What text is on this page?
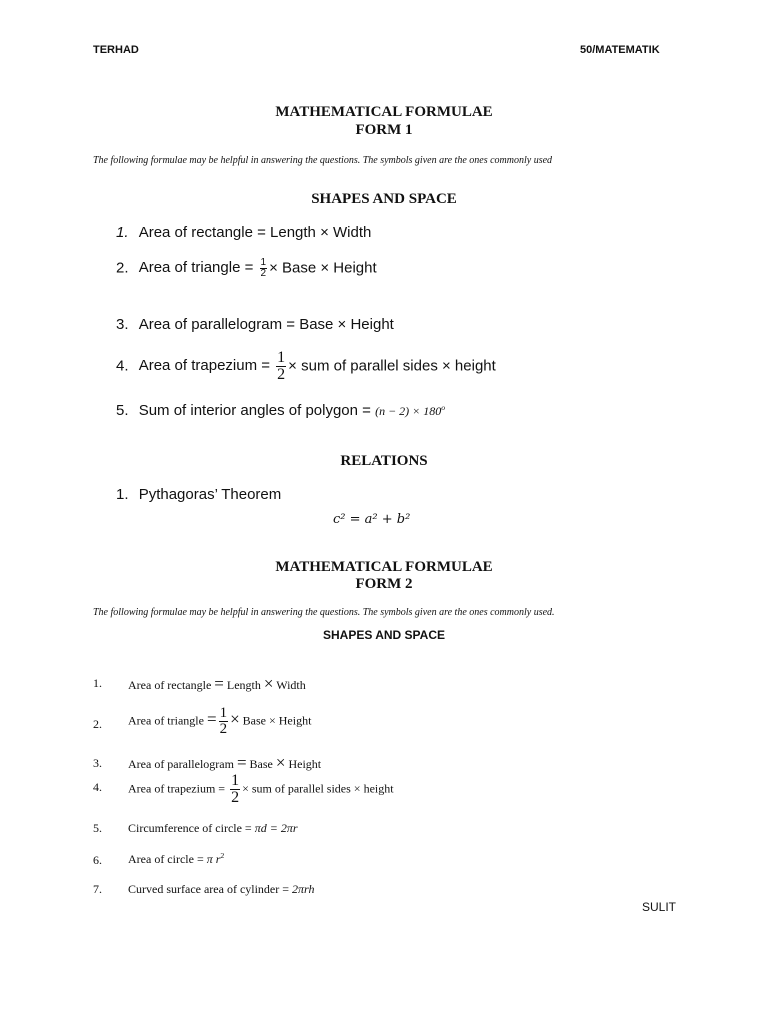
TERHAD	50/MATEMATIK
MATHEMATICAL FORMULAE
FORM 1
The following formulae may be helpful in answering the questions. The symbols given are the ones commonly used
SHAPES AND SPACE
1. Area of rectangle = Length × Width
2. Area of triangle = $\frac{1}{2}$ × Base × Height
3. Area of parallelogram = Base × Height
4. Area of trapezium = $\frac{1}{2}$ × sum of parallel sides × height
5. Sum of interior angles of polygon = $(n - 2) \times 180^o$
RELATIONS
1. Pythagoras’ Theorem
c² = a² + b²
MATHEMATICAL FORMULAE
FORM 2
The following formulae may be helpful in answering the questions. The symbols given are the ones commonly used.
SHAPES AND SPACE
1. Area of rectangle = Length × Width
2. Area of triangle = $\frac{1}{2}$ × Base × Height
3. Area of parallelogram = Base × Height
4. Area of trapezium = $\frac{1}{2}$ × sum of parallel sides × height
5. Circumference of circle = πd = 2πr
6. Area of circle = π $r^2$
7. Curved surface area of cylinder = 2πrh
SULIT
